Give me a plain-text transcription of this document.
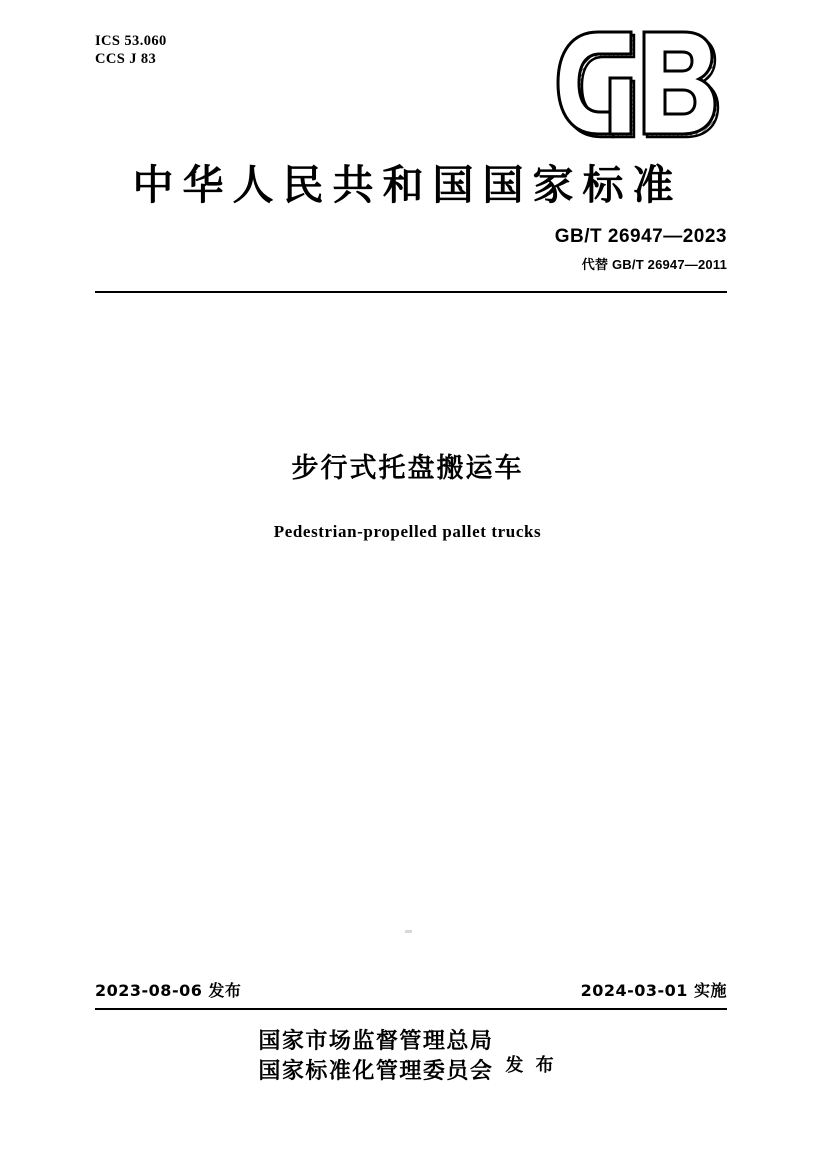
ICS 53.060
CCS J 83
中华人民共和国国家标准
GB/T 26947—2023
代替 GB/T 26947—2011
步行式托盘搬运车
Pedestrian-propelled pallet trucks
2023-08-06 发布	2024-03-01 实施
国家市场监督管理总局
国家标准化管理委员会 发 布
